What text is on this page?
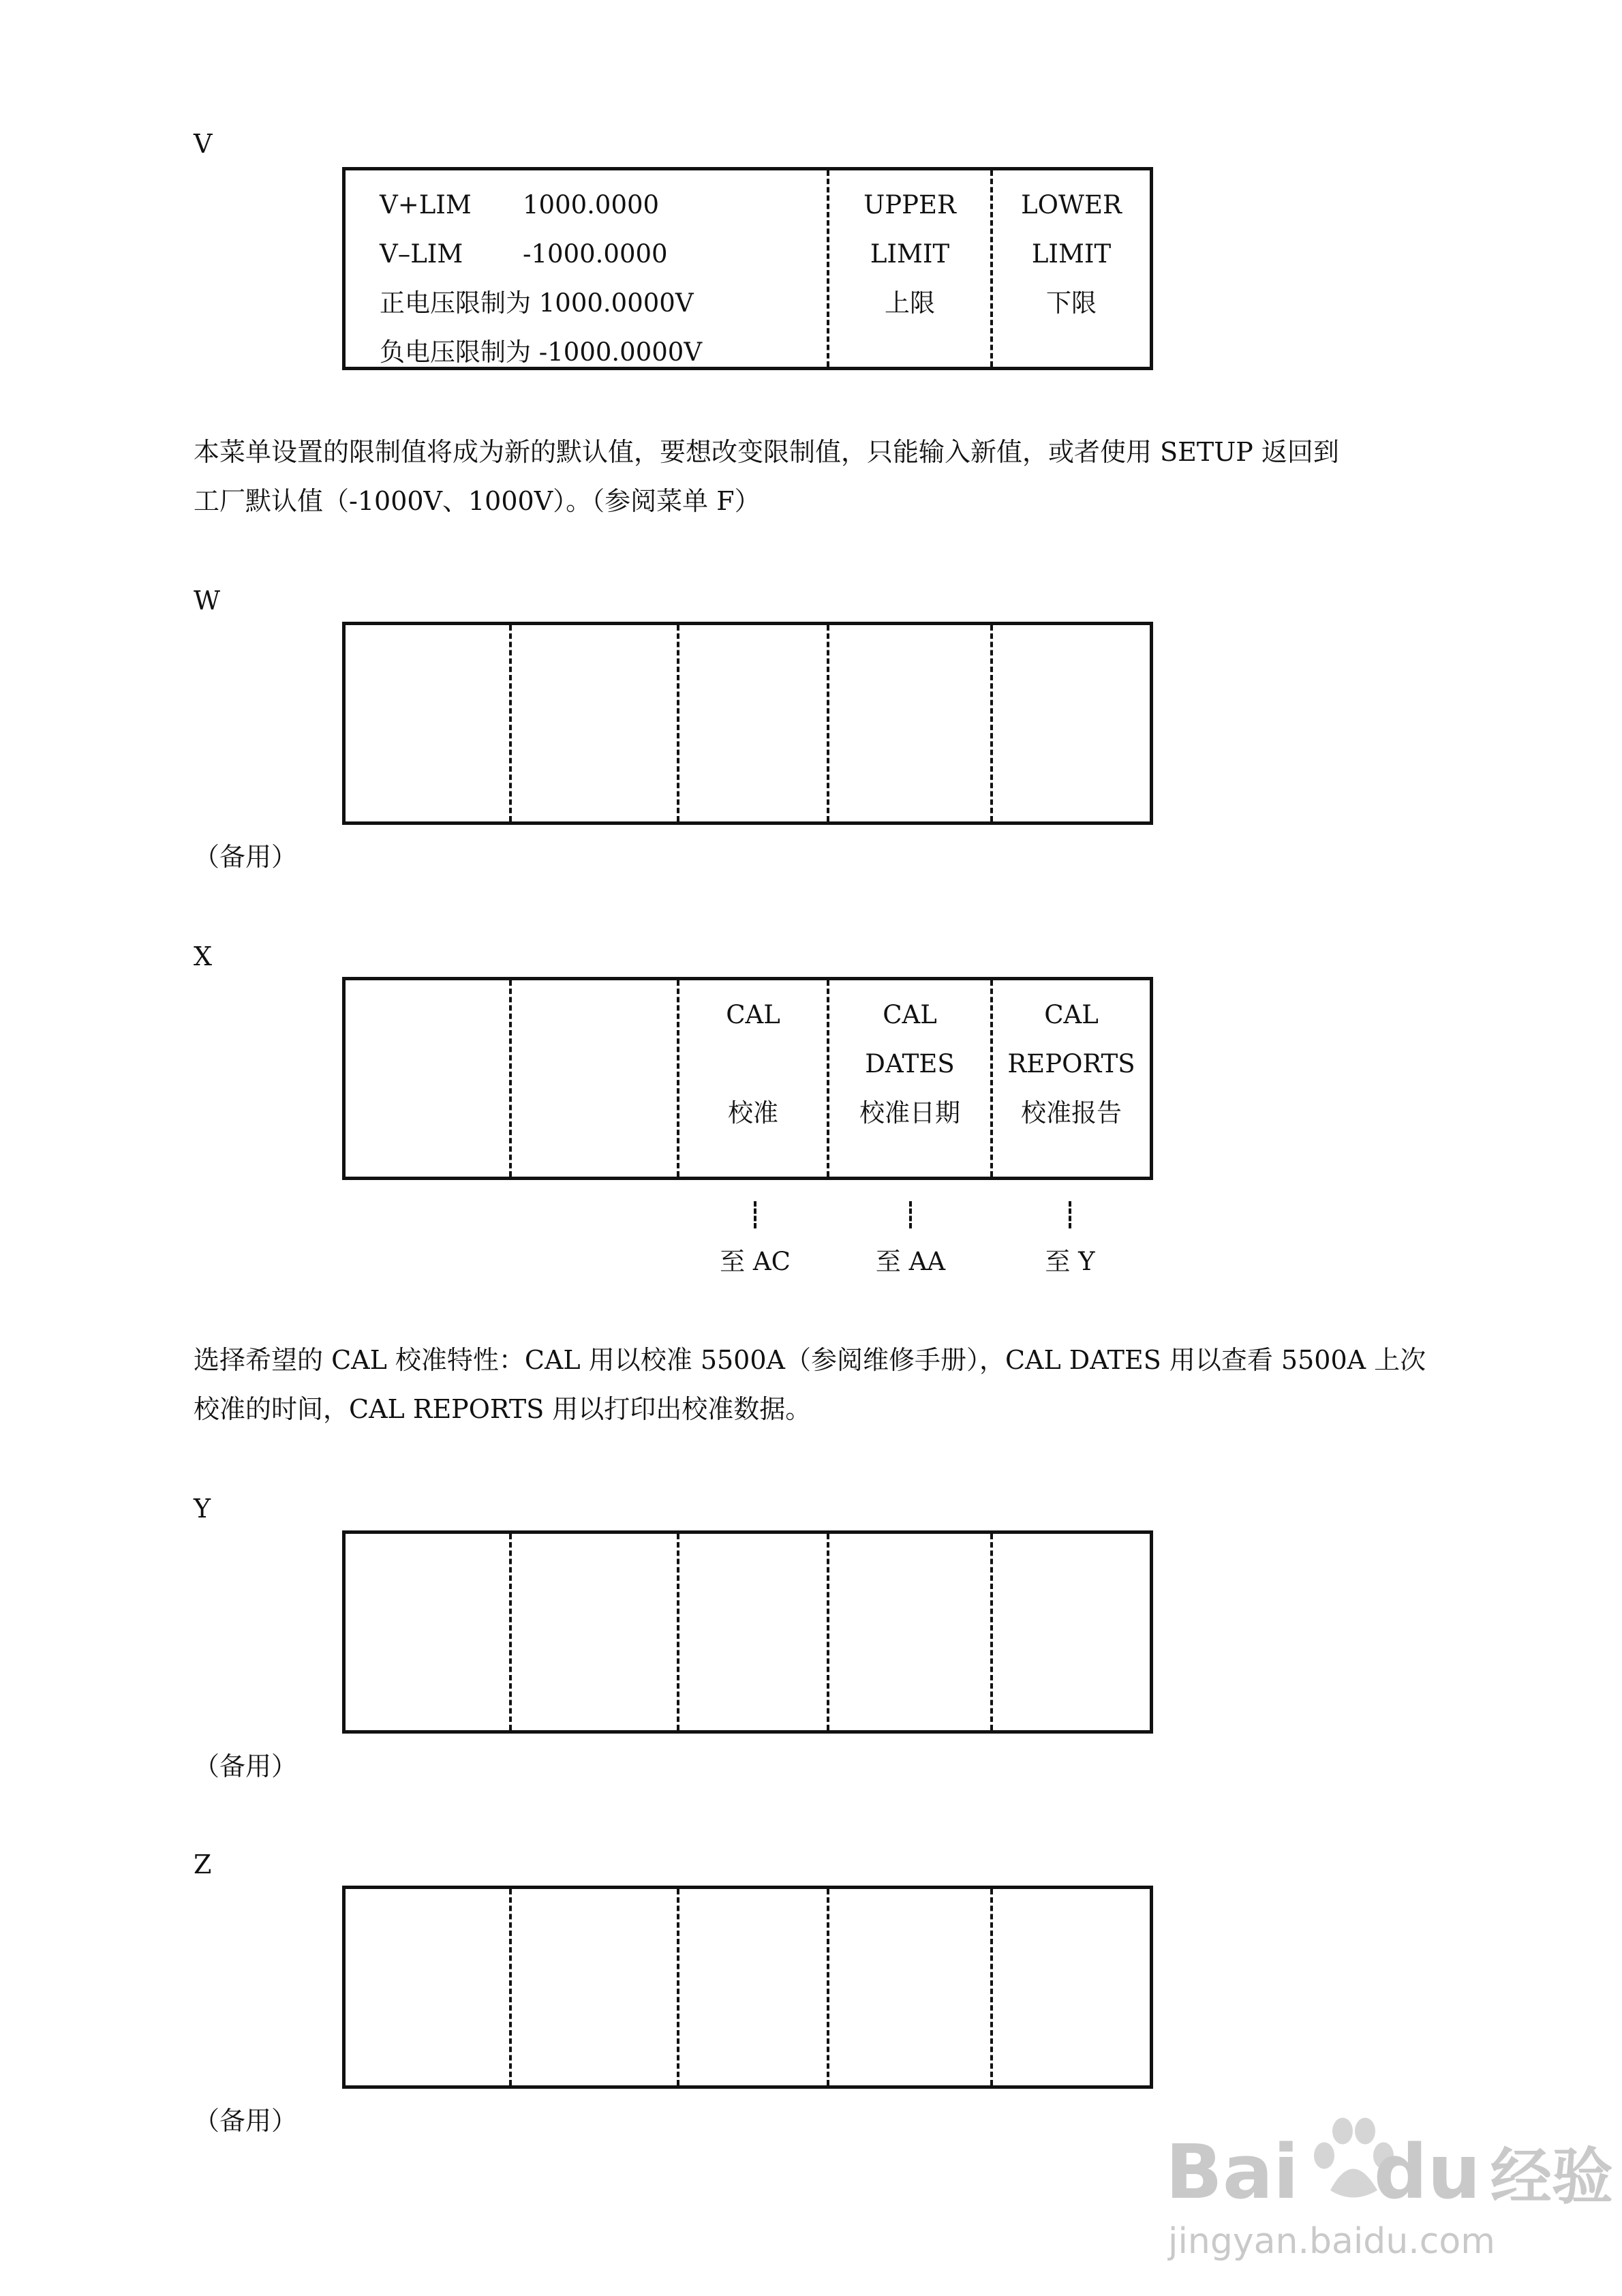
V
V+LIM 1000.0000
V–LIM -1000.0000
正电压限制为 1000.0000V
负电压限制为 -1000.0000V
UPPER
LIMIT
上限
LOWER
LIMIT
下限
本菜单设置的限制值将成为新的默认值，要想改变限制值，只能输入新值，或者使用 SETUP 返回到
工厂默认值（-1000V、1000V）。（参阅菜单 F）
W
（备用）
X
CAL
校准
CAL
DATES
校准日期
CAL
REPORTS
校准报告
至 AC	至 AA	至 Y
选择希望的 CAL 校准特性：CAL 用以校准 5500A（参阅维修手册），CAL DATES 用以查看 5500A 上次
校准的时间，CAL REPORTS 用以打印出校准数据。
Y
（备用）
Z
（备用）
Bai du 经验
jingyan.baidu.com
